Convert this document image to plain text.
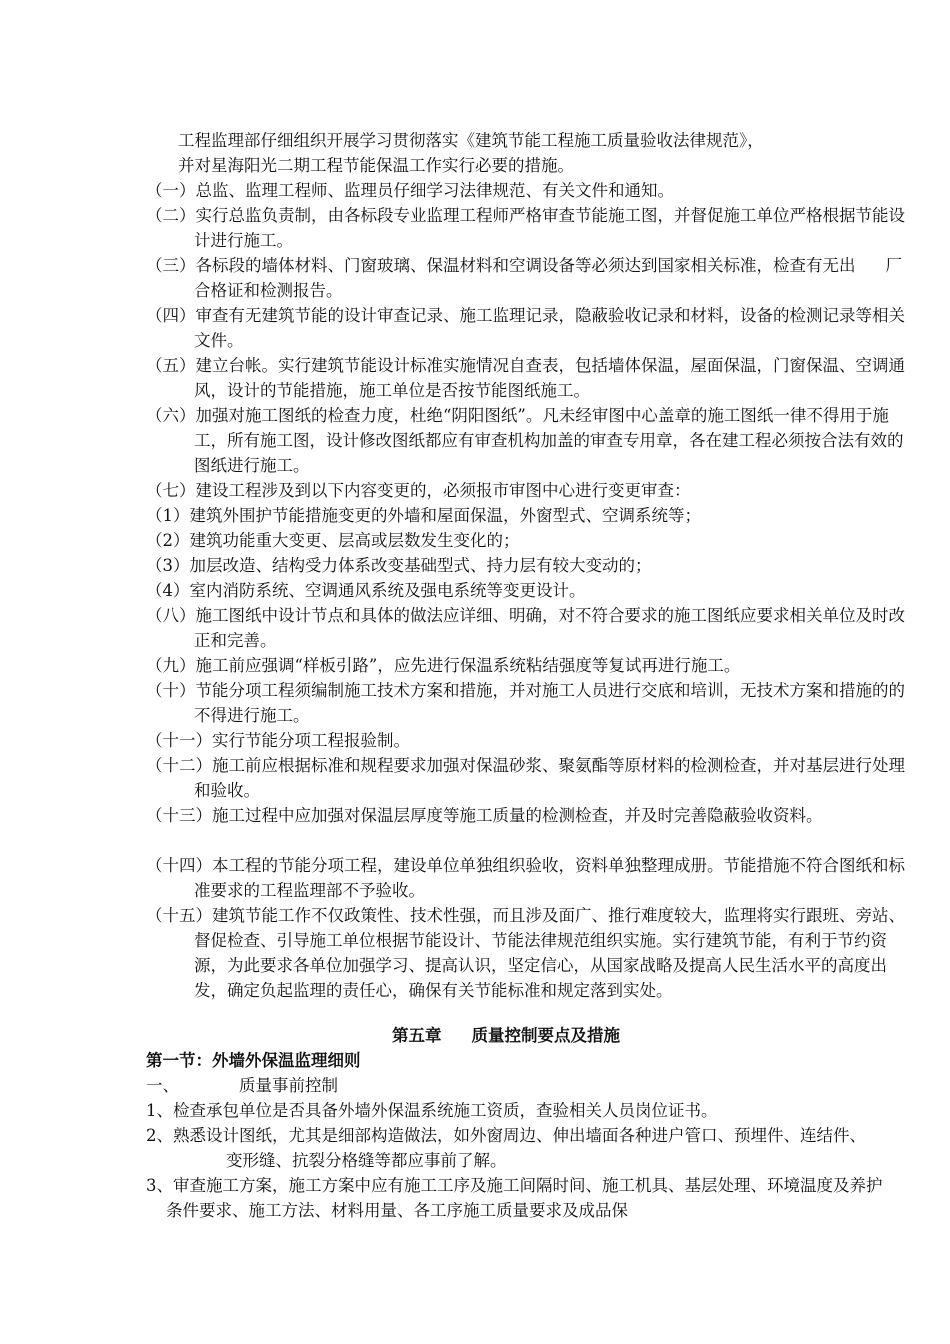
工程监理部仔细组织开展学习贯彻落实《建筑节能工程施工质量验收法律规范》，
并对星海阳光二期工程节能保温工作实行必要的措施。
（一）总监、监理工程师、监理员仔细学习法律规范、有关文件和通知。
（二）实行总监负责制，由各标段专业监理工程师严格审查节能施工图，并督促施工单位严格根据节能设计进行施工。
（三）各标段的墙体材料、门窗玻璃、保温材料和空调设备等必须达到国家相关标准，检查有无出 厂合格证和检测报告。
（四）审查有无建筑节能的设计审查记录、施工监理记录，隐蔽验收记录和材料，设备的检测记录等相关文件。
（五）建立台帐。实行建筑节能设计标准实施情况自查表，包括墙体保温，屋面保温，门窗保温、空调通风，设计的节能措施，施工单位是否按节能图纸施工。
（六）加强对施工图纸的检查力度，杜绝“阴阳图纸”。凡未经审图中心盖章的施工图纸一律不得用于施工，所有施工图，设计修改图纸都应有审查机构加盖的审查专用章，各在建工程必须按合法有效的图纸进行施工。
（七）建设工程涉及到以下内容变更的，必须报市审图中心进行变更审查：
（1）建筑外围护节能措施变更的外墙和屋面保温，外窗型式、空调系统等；
（2）建筑功能重大变更、层高或层数发生变化的；
（3）加层改造、结构受力体系改变基础型式、持力层有较大变动的；
（4）室内消防系统、空调通风系统及强电系统等变更设计。
（八）施工图纸中设计节点和具体的做法应详细、明确，对不符合要求的施工图纸应要求相关单位及时改正和完善。
（九）施工前应强调“样板引路”，应先进行保温系统粘结强度等复试再进行施工。
（十）节能分项工程须编制施工技术方案和措施，并对施工人员进行交底和培训，无技术方案和措施的的不得进行施工。
（十一）实行节能分项工程报验制。
（十二）施工前应根据标准和规程要求加强对保温砂浆、聚氨酯等原材料的检测检查，并对基层进行处理和验收。
（十三）施工过程中应加强对保温层厚度等施工质量的检测检查，并及时完善隐蔽验收资料。
（十四）本工程的节能分项工程，建设单位单独组织验收，资料单独整理成册。节能措施不符合图纸和标准要求的工程监理部不予验收。
（十五）建筑节能工作不仅政策性、技术性强，而且涉及面广、推行难度较大，监理将实行跟班、旁站、督促检查、引导施工单位根据节能设计、节能法律规范组织实施。实行建筑节能，有利于节约资源，为此要求各单位加强学习、提高认识，坚定信心，从国家战略及提高人民生活水平的高度出发，确定负起监理的责任心，确保有关节能标准和规定落到实处。
第五章 质量控制要点及措施
第一节：外墙外保温监理细则
一、	质量事前控制
1、检查承包单位是否具备外墙外保温系统施工资质，查验相关人员岗位证书。
2、熟悉设计图纸，尤其是细部构造做法，如外窗周边、伸出墙面各种进户管口、预埋件、连结件、变形缝、抗裂分格缝等都应事前了解。
3、审查施工方案，施工方案中应有施工工序及施工间隔时间、施工机具、基层处理、环境温度及养护条件要求、施工方法、材料用量、各工序施工质量要求及成品保
